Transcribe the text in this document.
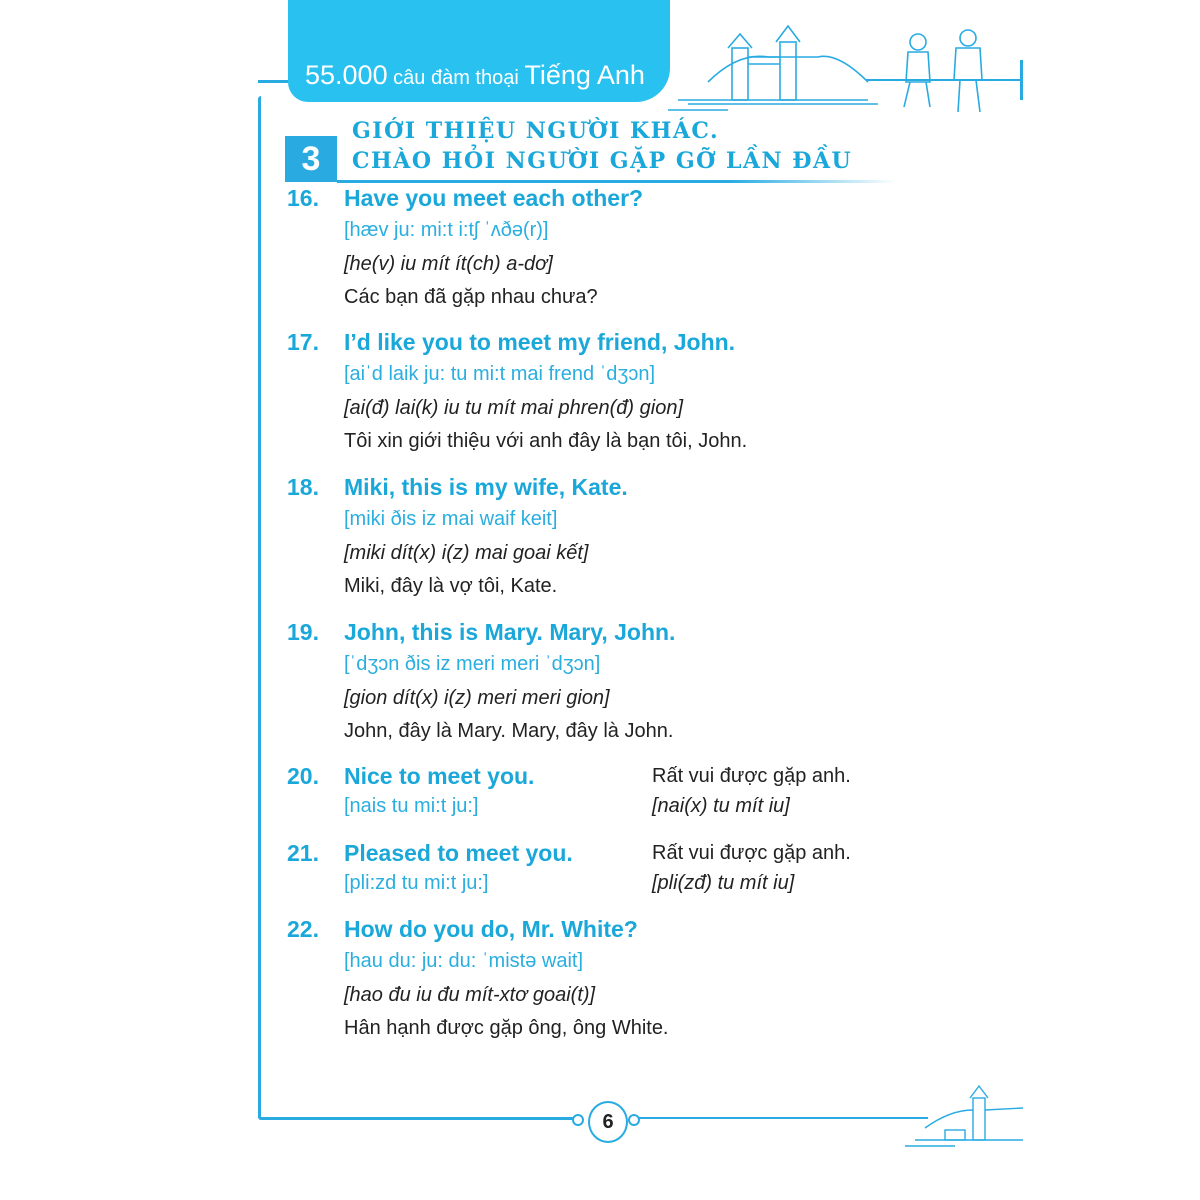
55.000 câu đàm thoại Tiếng Anh
3
GIỚI THIỆU NGƯỜI KHÁC.
CHÀO HỎI NGƯỜI GẶP GỠ LẦN ĐẦU
16. Have you meet each other?
[hæv ju: mi:t i:tʃ ˈʌðə(r)]
[he(v) iu mít ít(ch) a-dơ]
Các bạn đã gặp nhau chưa?
17. I’d like you to meet my friend, John.
[aiˈd laik ju: tu mi:t mai frend ˈdʒɔn]
[ai(đ) lai(k) iu tu mít mai phren(đ) gion]
Tôi xin giới thiệu với anh đây là bạn tôi, John.
18. Miki, this is my wife, Kate.
[miki ðis iz mai waif keit]
[miki dít(x) i(z) mai goai kết]
Miki, đây là vợ tôi, Kate.
19. John, this is Mary. Mary, John.
[ˈdʒɔn ðis iz meri meri ˈdʒɔn]
[gion dít(x) i(z) meri meri gion]
John, đây là Mary. Mary, đây là John.
20. Nice to meet you.
[nais tu mi:t ju:]
Rất vui được gặp anh.
[nai(x) tu mít iu]
21. Pleased to meet you.
[pli:zd tu mi:t ju:]
Rất vui được gặp anh.
[pli(zđ) tu mít iu]
22. How do you do, Mr. White?
[hau du: ju: du: ˈmistə wait]
[hao đu iu đu mít-xtơ goai(t)]
Hân hạnh được gặp ông, ông White.
6
